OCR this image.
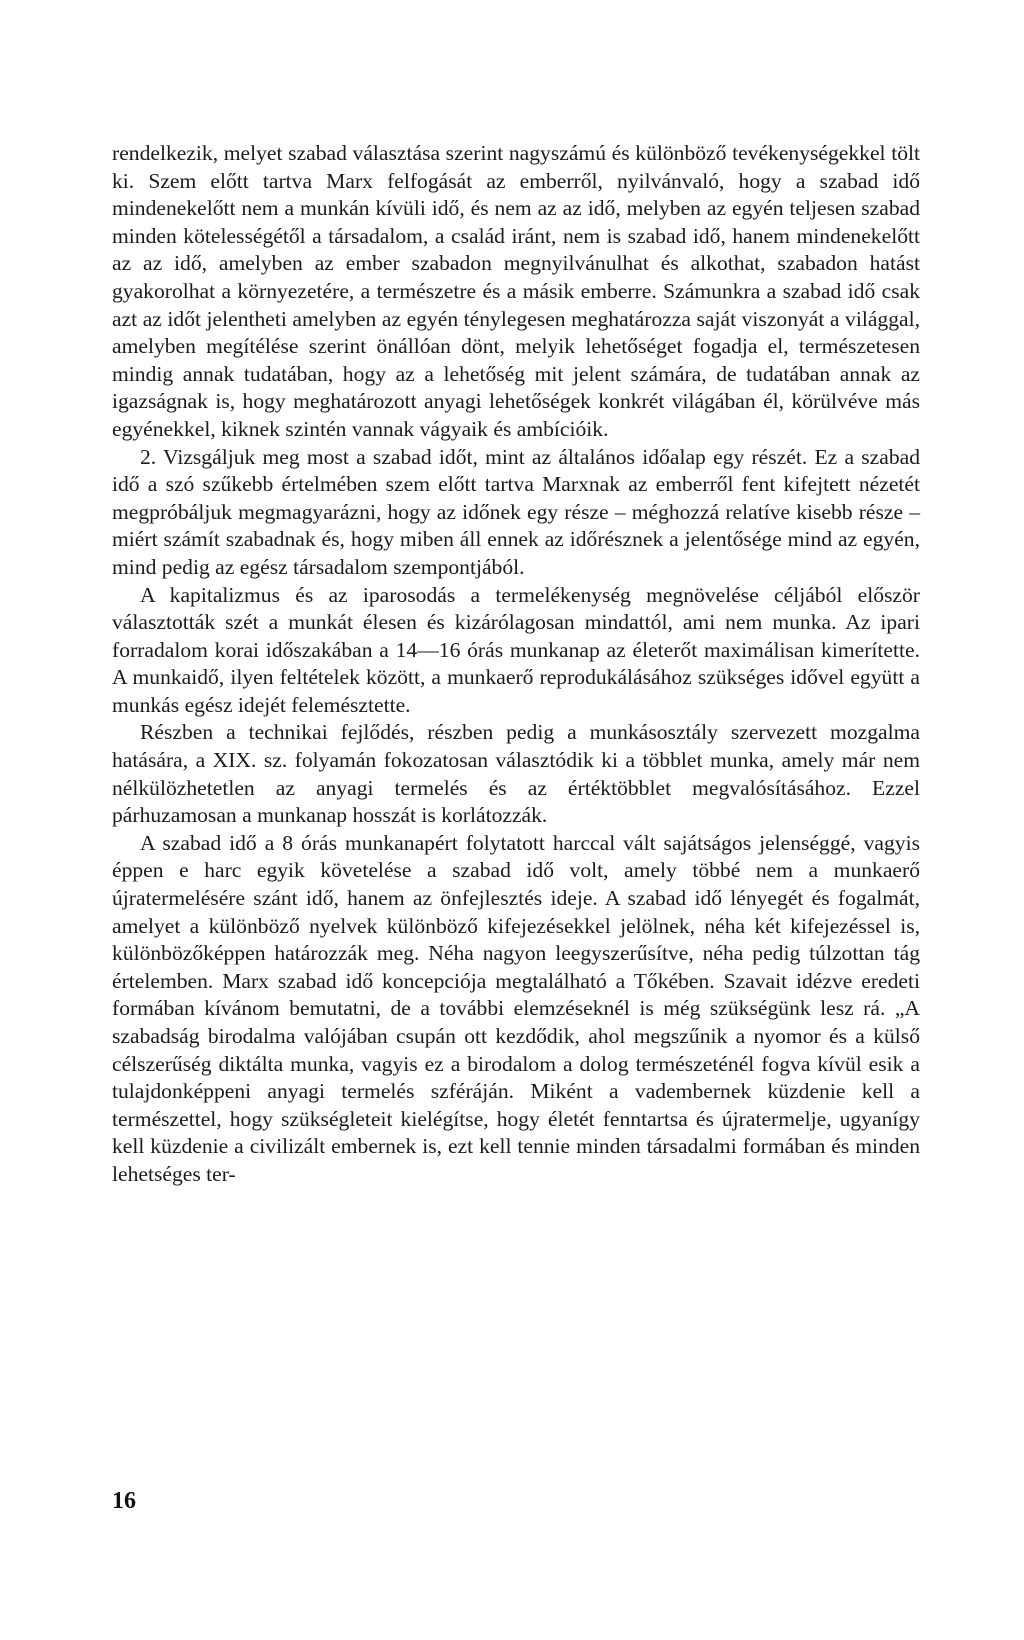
rendelkezik, melyet szabad választása szerint nagyszámú és különböző tevékenységekkel tölt ki. Szem előtt tartva Marx felfogását az emberről, nyilvánvaló, hogy a szabad idő mindenekelőtt nem a munkán kívüli idő, és nem az az idő, melyben az egyén teljesen szabad minden kötelességétől a társadalom, a család iránt, nem is szabad idő, hanem mindenekelőtt az az idő, amelyben az ember szabadon megnyilvánulhat és alkothat, szabadon hatást gyakorolhat a környezetére, a természetre és a másik emberre. Számunkra a szabad idő csak azt az időt jelentheti amelyben az egyén ténylegesen meghatározza saját viszonyát a világgal, amelyben megítélése szerint önállóan dönt, melyik lehetőséget fogadja el, természetesen mindig annak tudatában, hogy az a lehetőség mit jelent számára, de tudatában annak az igazságnak is, hogy meghatározott anyagi lehetőségek konkrét világában él, körülvéve más egyénekkel, kiknek szintén vannak vágyaik és ambícióik.

2. Vizsgáljuk meg most a szabad időt, mint az általános időalap egy részét. Ez a szabad idő a szó szűkebb értelmében szem előtt tartva Marxnak az emberről fent kifejtett nézetét megpróbáljuk megmagyarázni, hogy az időnek egy része – méghozzá relatíve kisebb része – miért számít szabadnak és, hogy miben áll ennek az időrésznek a jelentősége mind az egyén, mind pedig az egész társadalom szempontjából.

A kapitalizmus és az iparosodás a termelékenység megnövelése céljából először választották szét a munkát élesen és kizárólagosan mindattól, ami nem munka. Az ipari forradalom korai időszakában a 14—16 órás munkanap az életerőt maximálisan kimerítette. A munkaidő, ilyen feltételek között, a munkaerő reprodukálásához szükséges idővel együtt a munkás egész idejét felemésztette.

Részben a technikai fejlődés, részben pedig a munkásosztály szervezett mozgalma hatására, a XIX. sz. folyamán fokozatosan választódik ki a többlet munka, amely már nem nélkülözhetetlen az anyagi termelés és az értéktöbblet megvalósításához. Ezzel párhuzamosan a munkanap hosszát is korlátozzák.

A szabad idő a 8 órás munkanapért folytatott harccal vált sajátságos jelenséggé, vagyis éppen e harc egyik követelése a szabad idő volt, amely többé nem a munkaerő újratermelésére szánt idő, hanem az önfejlesztés ideje. A szabad idő lényegét és fogalmát, amelyet a különböző nyelvek különböző kifejezésekkel jelölnek, néha két kifejezéssel is, különbözőképpen határozzák meg. Néha nagyon leegyszerűsítve, néha pedig túlzottan tág értelemben. Marx szabad idő koncepciója megtalálható a Tőkében. Szavait idézve eredeti formában kívánom bemutatni, de a további elemzéseknél is még szükségünk lesz rá. „A szabadság birodalma valójában csupán ott kezdődik, ahol megszűnik a nyomor és a külső célszerűség diktálta munka, vagyis ez a birodalom a dolog természeténél fogva kívül esik a tulajdonképpeni anyagi termelés szféráján. Miként a vadembernek küzdenie kell a természettel, hogy szükségleteit kielégítse, hogy életét fenntartsa és újratermelje, ugyanígy kell küzdenie a civilizált embernek is, ezt kell tennie minden társadalmi formában és minden lehetséges ter-

16
